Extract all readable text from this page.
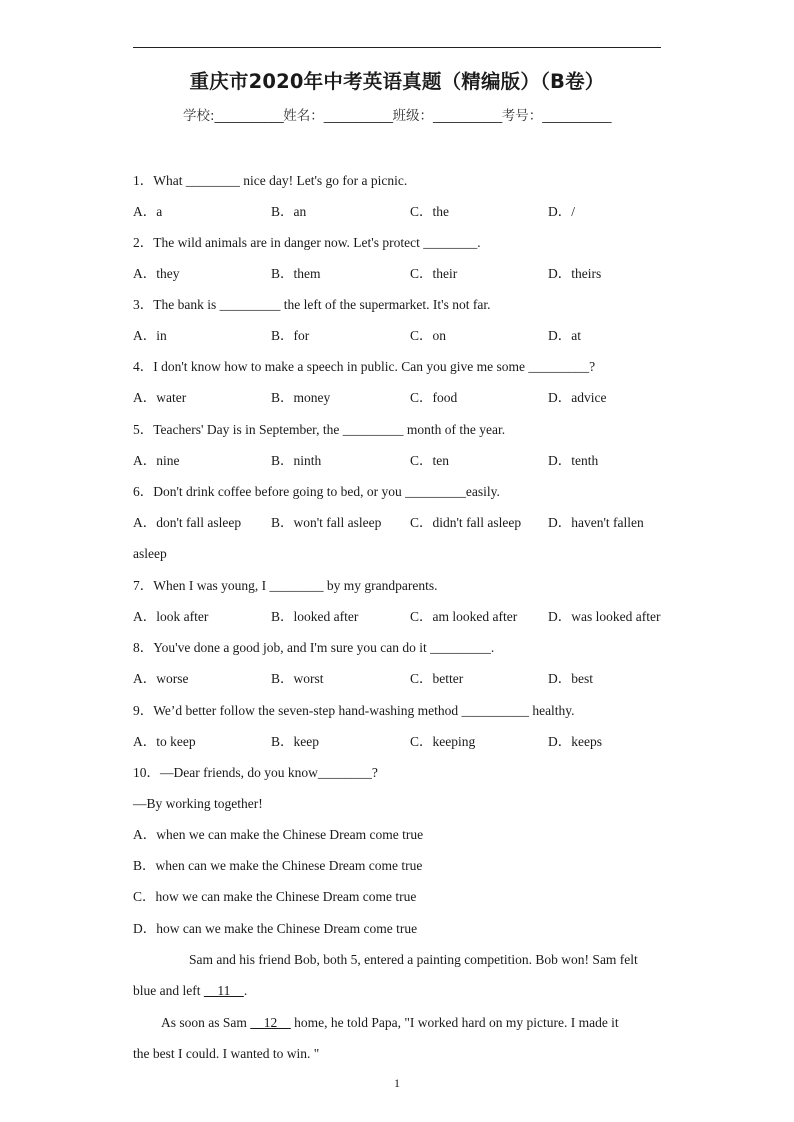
重庆市2020年中考英语真题（精编版）（B卷）
学校:___________姓名：___________班级：___________考号：___________
1．What ________ nice day! Let's go for a picnic.
A．a	B．an	C．the	D．/
2．The wild animals are in danger now. Let's protect ________.
A．they	B．them	C．their	D．theirs
3．The bank is _________ the left of the supermarket. It's not far.
A．in	B．for	C．on	D．at
4．I don't know how to make a speech in public. Can you give me some _________?
A．water	B．money	C．food	D．advice
5．Teachers' Day is in September, the _________ month of the year.
A．nine	B．ninth	C．ten	D．tenth
6．Don't drink coffee before going to bed, or you _________easily.
A．don't fall asleep B．won't fall asleep C．didn't fall asleep D．haven't fallen
asleep
7．When I was young, I ________ by my grandparents.
A．look after	B．looked after	C．am looked after D．was looked after
8．You've done a good job, and I'm sure you can do it _________.
A．worse	B．worst	C．better	D．best
9．We’d better follow the seven-step hand-washing method __________ healthy.
A．to keep	B．keep	C．keeping	D．keeps
10．—Dear friends, do you know________?
—By working together!
A．when we can make the Chinese Dream come true
B．when can we make the Chinese Dream come true
C．how we can make the Chinese Dream come true
D．how can we make the Chinese Dream come true
Sam and his friend Bob, both 5, entered a painting competition. Bob won! Sam felt
blue and left     11    .
As soon as Sam     12     home, he told Papa, "I worked hard on my picture. I made it
the best I could. I wanted to win. "
1
